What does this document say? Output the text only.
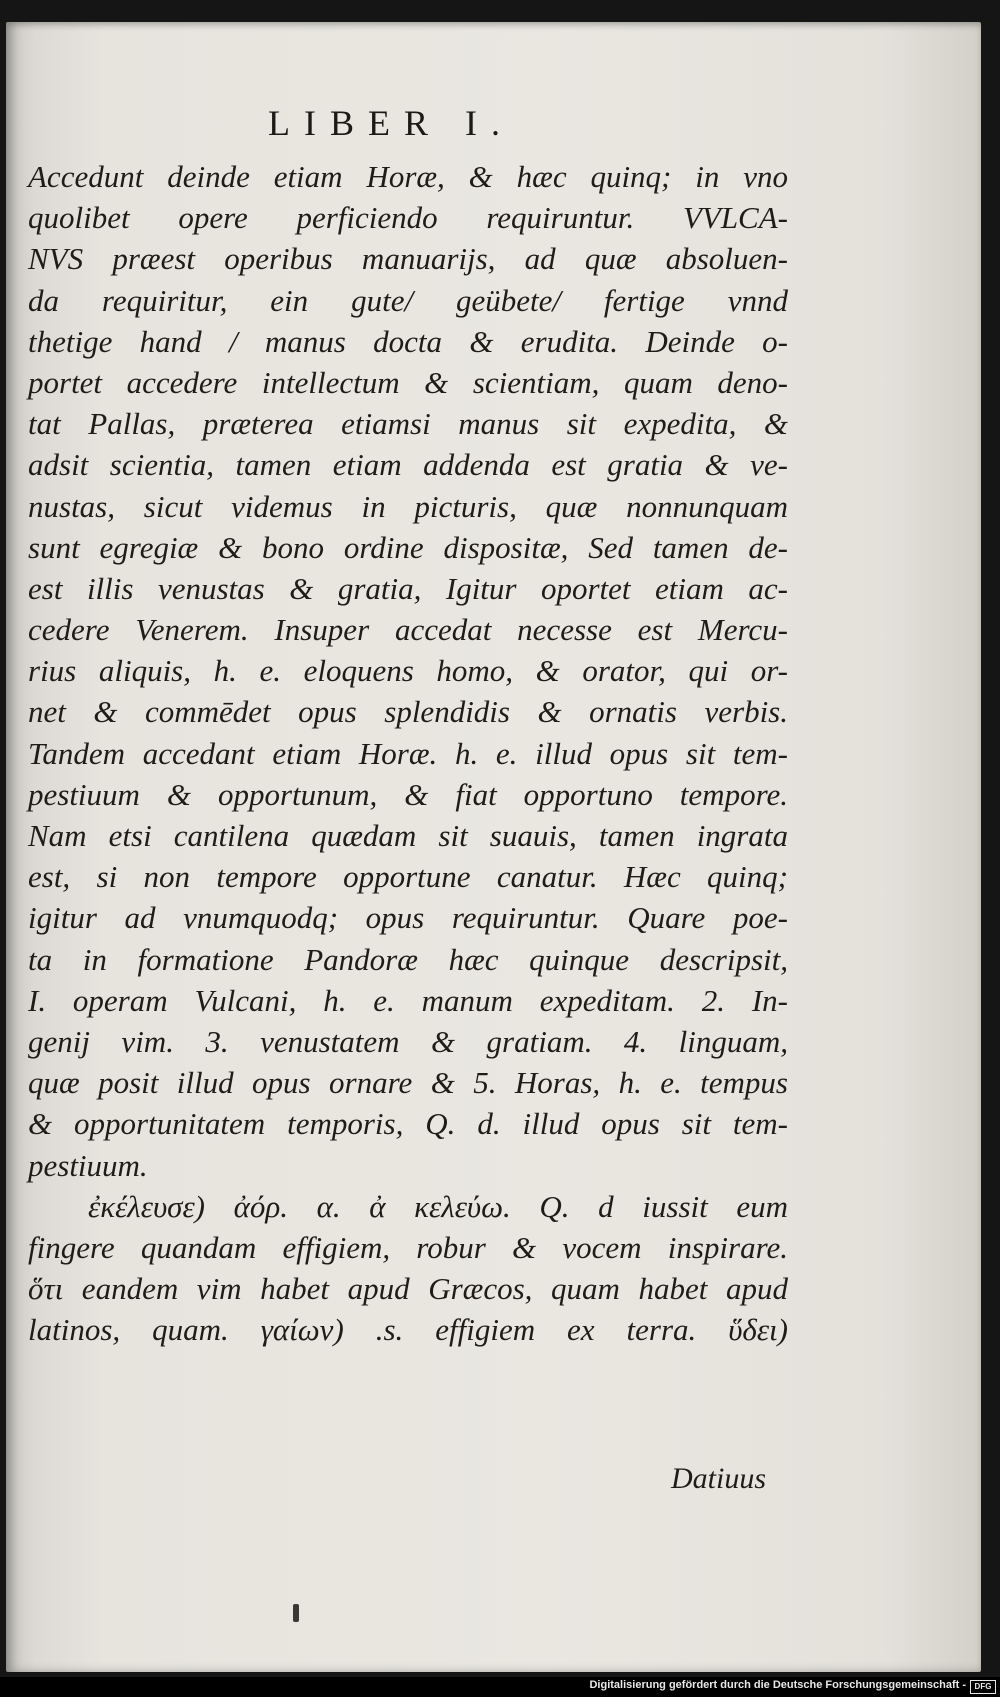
LIBER I.
Accedunt deinde etiam Horæ, & hæc quinq; in vno
quolibet opere perficiendo requiruntur. VVLCA-
NVS præest operibus manuarijs, ad quæ absoluen-
da requiritur, ein gute/ geübete/ fertige vnnd
thetige hand / manus docta & erudita. Deinde o-
portet accedere intellectum & scientiam, quam deno-
tat Pallas, præterea etiamsi manus sit expedita, &
adsit scientia, tamen etiam addenda est gratia & ve-
nustas, sicut videmus in picturis, quæ nonnunquam
sunt egregiæ & bono ordine dispositæ, Sed tamen de-
est illis venustas & gratia, Igitur oportet etiam ac-
cedere Venerem. Insuper accedat necesse est Mercu-
rius aliquis, h. e. eloquens homo, & orator, qui or-
net & commēdet opus splendidis & ornatis verbis.
Tandem accedant etiam Horæ. h. e. illud opus sit tem-
pestiuum & opportunum, & fiat opportuno tempore.
Nam etsi cantilena quædam sit suauis, tamen ingrata
est, si non tempore opportune canatur. Hæc quinq;
igitur ad vnumquodq; opus requiruntur. Quare poe-
ta in formatione Pandoræ hæc quinque descripsit,
I. operam Vulcani, h. e. manum expeditam. 2. In-
genij vim. 3. venustatem & gratiam. 4. linguam,
quæ posit illud opus ornare & 5. Horas, h. e. tempus
& opportunitatem temporis, Q. d. illud opus sit tem-
pestiuum.
ἐκέλευσε) ἀόρ. α. ἀ κελεύω. Q. d iussit eum
fingere quandam effigiem, robur & vocem inspirare.
ὅτι eandem vim habet apud Græcos, quam habet apud
latinos, quam. γαίων) .s. effigiem ex terra. ὕδει)
Datiuus
Digitalisierung gefördert durch die Deutsche Forschungsgemeinschaft -	DFG
